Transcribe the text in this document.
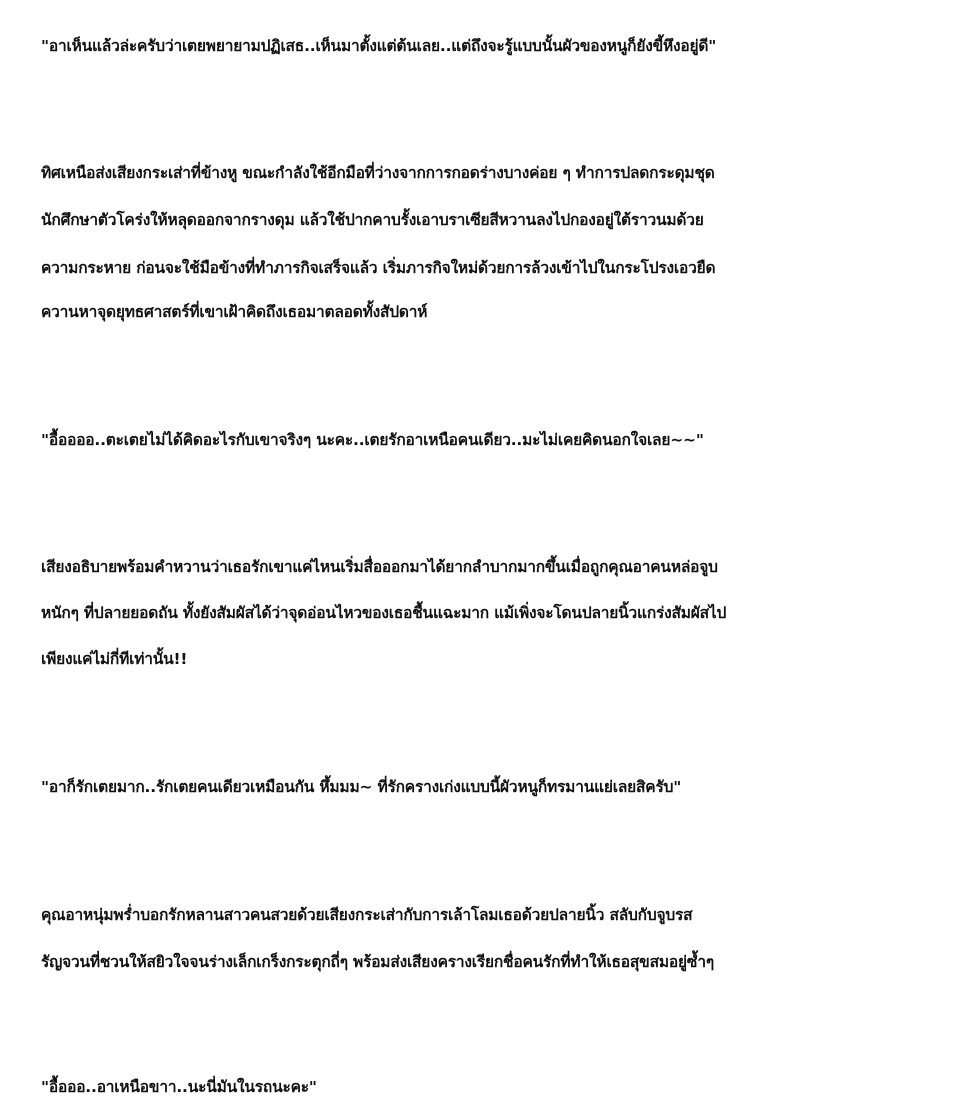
"อาเห็นแล้วล่ะครับว่าเตยพยายามปฏิเสธ..เห็นมาตั้งแต่ต้นเลย..แต่ถึงจะรู้แบบนั้นผัวของหนูก็ยังขี้หึงอยู่ดี"
ทิศเหนือส่งเสียงกระเส่าที่ข้างหู ขณะกำลังใช้อีกมือที่ว่างจากการกอดร่างบางค่อย ๆ ทำการปลดกระดุมชุด
นักศึกษาตัวโคร่งให้หลุดออกจากรางดุม แล้วใช้ปากคาบรั้งเอาบราเซียสีหวานลงไปกองอยู่ใต้ราวนมด้วย
ความกระหาย ก่อนจะใช้มือข้างที่ทำภารกิจเสร็จแล้ว เริ่มภารกิจใหม่ด้วยการล้วงเข้าไปในกระโปรงเอวยืด
ควานหาจุดยุทธศาสตร์ที่เขาเฝ้าคิดถึงเธอมาตลอดทั้งสัปดาห์
"อื้ออออ..ตะเตยไม่ได้คิดอะไรกับเขาจริงๆ นะคะ..เตยรักอาเหนือคนเดียว..มะไม่เคยคิดนอกใจเลย~~"
เสียงอธิบายพร้อมคำหวานว่าเธอรักเขาแค่ไหนเริ่มสื่อออกมาได้ยากลำบากมากขึ้นเมื่อถูกคุณอาคนหล่อจูบ
หนักๆ ที่ปลายยอดถัน ทั้งยังสัมผัสได้ว่าจุดอ่อนไหวของเธอชื้นแฉะมาก แม้เพิ่งจะโดนปลายนิ้วแกร่งสัมผัสไป
เพียงแค่ไม่กี่ทีเท่านั้น!!
"อาก็รักเตยมาก..รักเตยคนเดียวเหมือนกัน หึ้มมม~ ที่รักครางเก่งแบบนี้ผัวหนูก็ทรมานแย่เลยสิครับ"
คุณอาหนุ่มพร่ำบอกรักหลานสาวคนสวยด้วยเสียงกระเส่ากับการเล้าโลมเธอด้วยปลายนิ้ว สลับกับจูบรส
รัญจวนที่ชวนให้สยิวใจจนร่างเล็กเกร็งกระตุกถี่ๆ พร้อมส่งเสียงครางเรียกชื่อคนรักที่ทำให้เธอสุขสมอยู่ซ้ำๆ
"อื้อออ..อาเหนือขาา..นะนี่มันในรถนะคะ"
